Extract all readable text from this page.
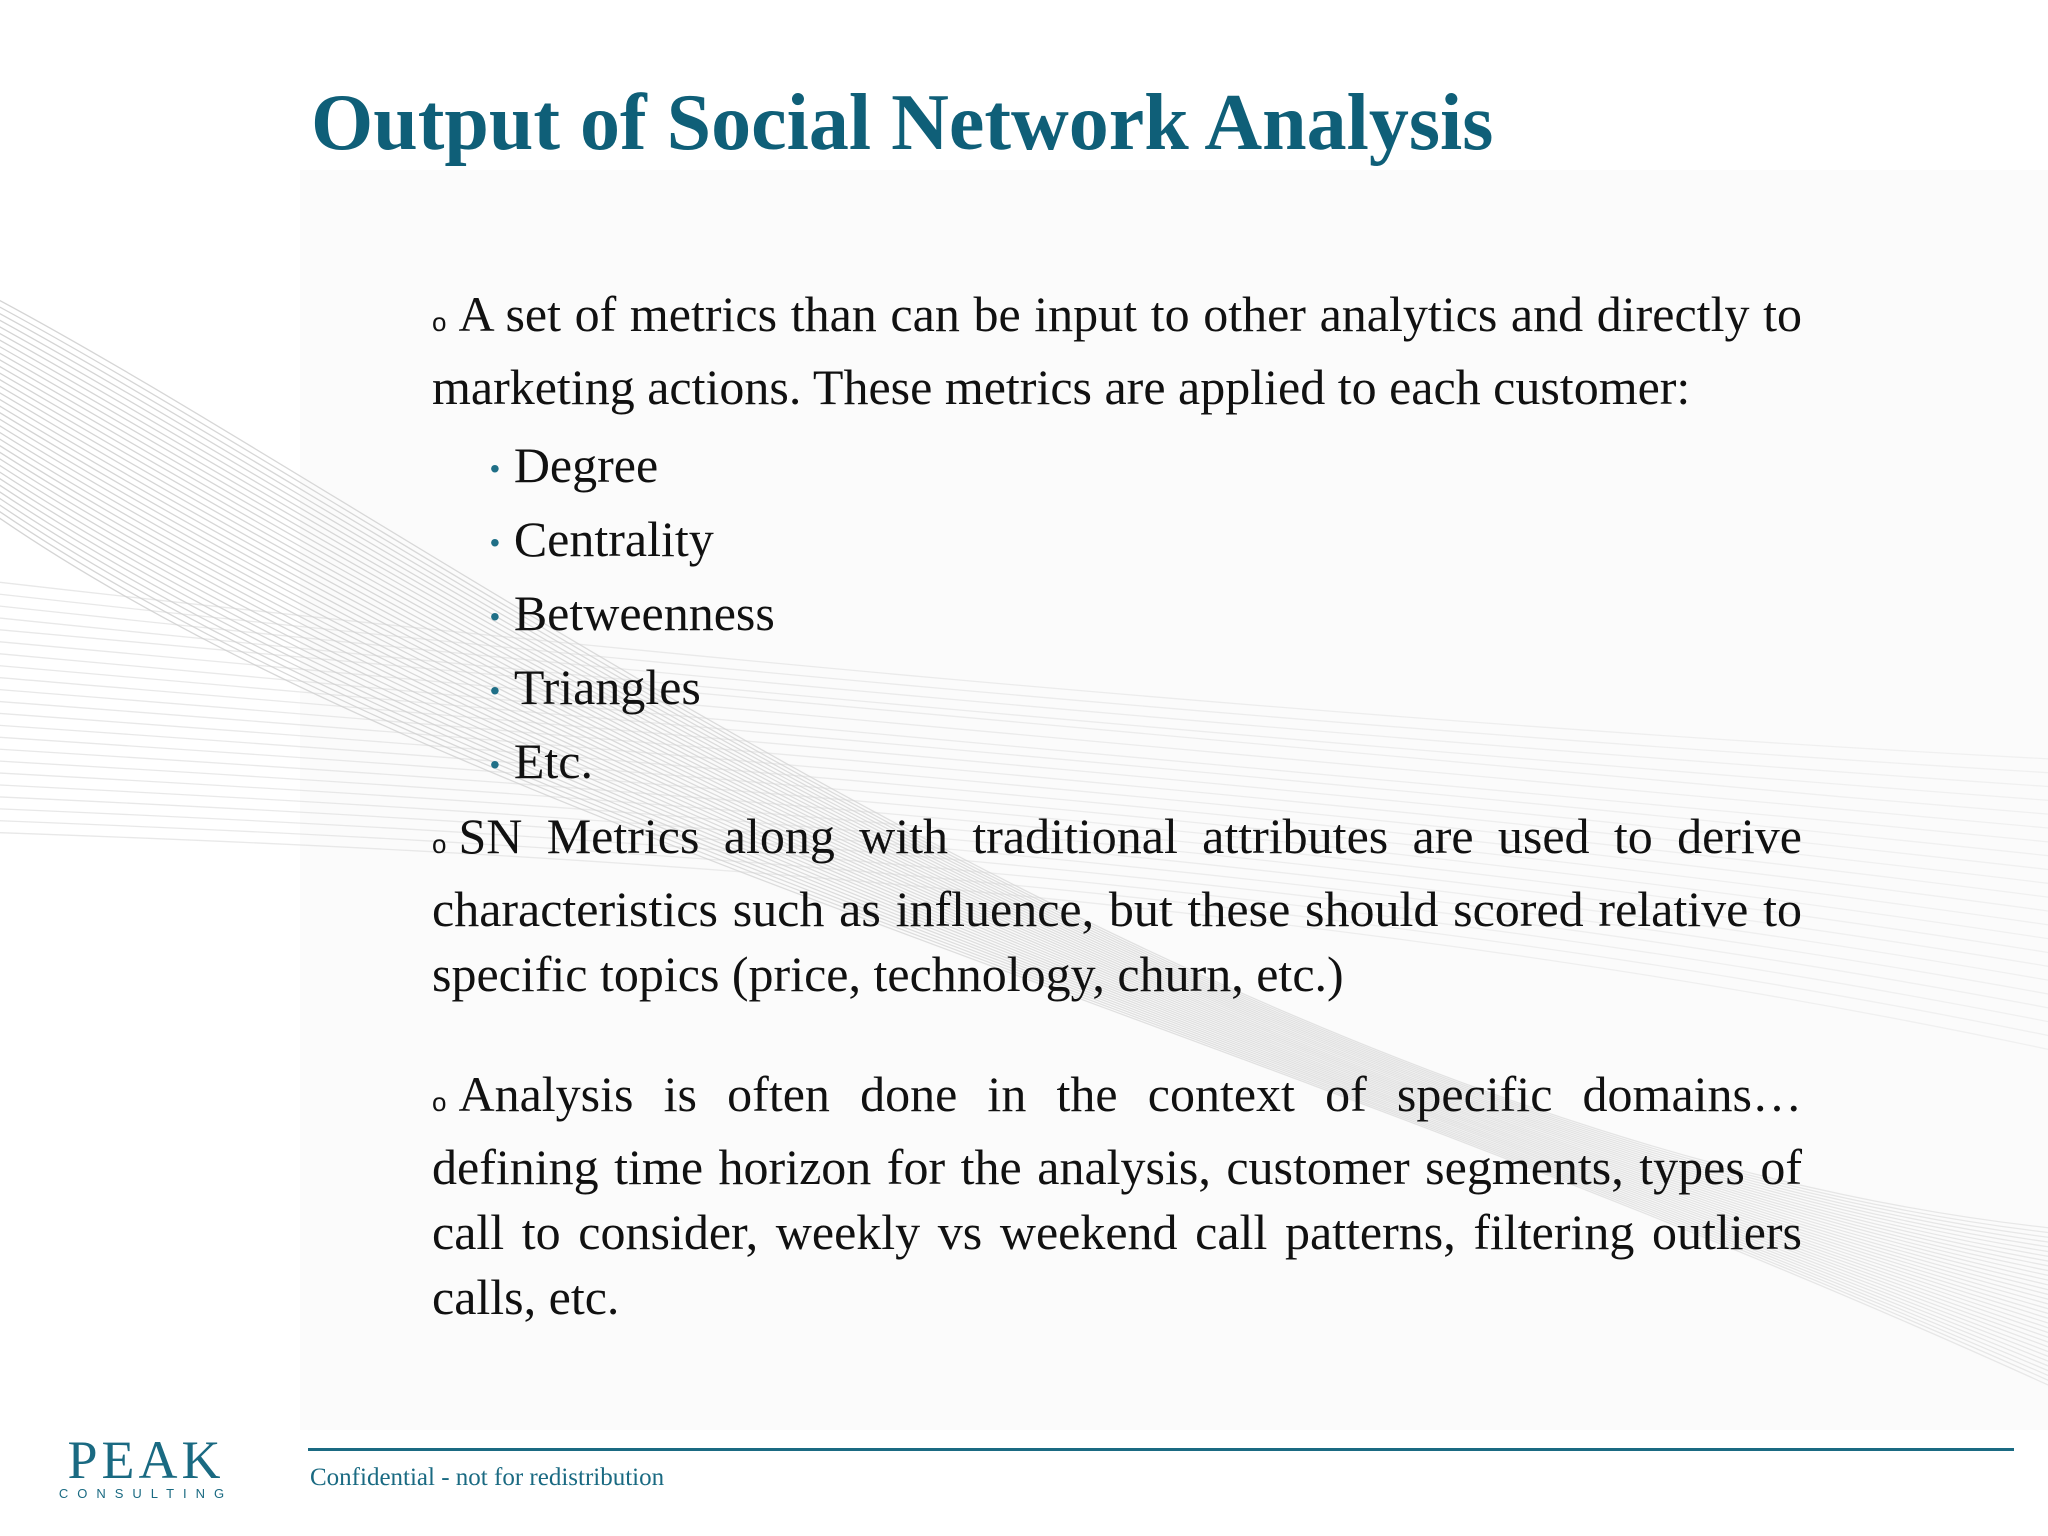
Output of Social Network Analysis

o A set of metrics than can be input to other analytics and directly to marketing actions. These metrics are applied to each customer:

• Degree
• Centrality
• Betweenness
• Triangles
• Etc.

o SN Metrics along with traditional attributes are used to derive characteristics such as influence, but these should scored relative to specific topics (price, technology, churn, etc.)

o Analysis is often done in the context of specific domains…defining time horizon for the analysis, customer segments, types of call to consider, weekly vs weekend call patterns, filtering outliers calls, etc.

PEAK
CONSULTING
Confidential - not for redistribution
